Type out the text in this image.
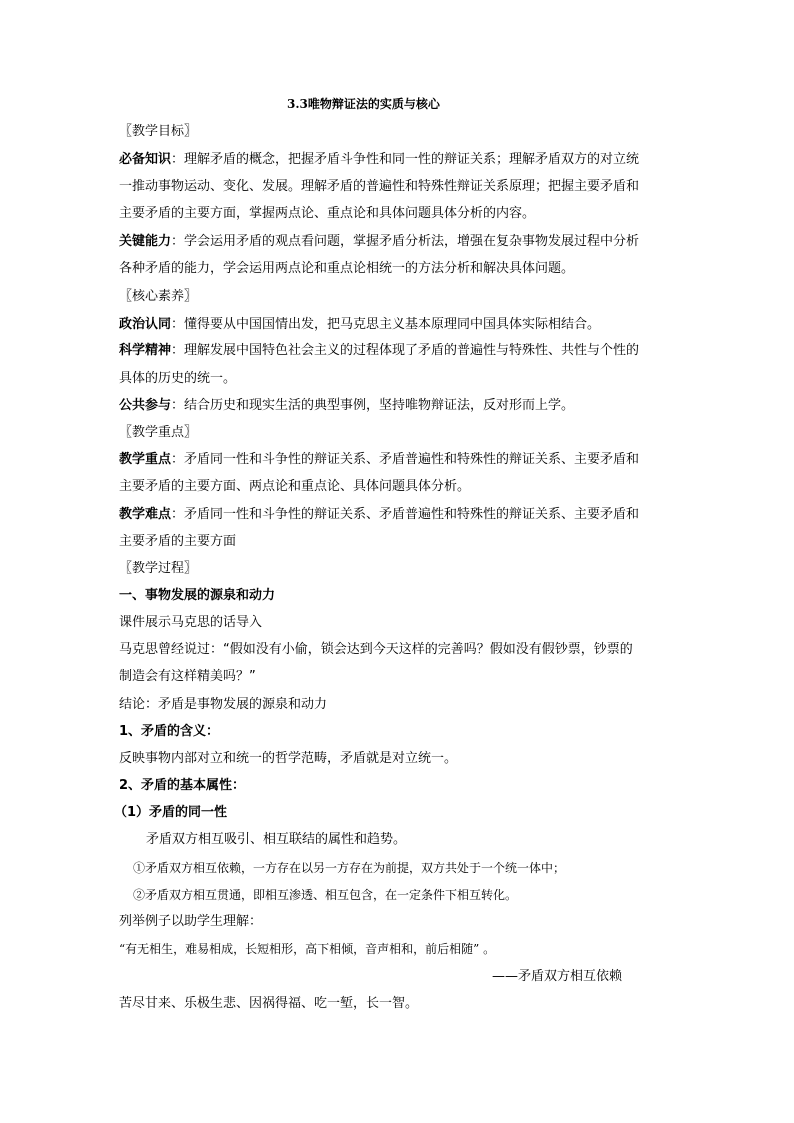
3.3唯物辩证法的实质与核心
〖教学目标〗
必备知识：理解矛盾的概念，把握矛盾斗争性和同一性的辩证关系；理解矛盾双方的对立统
一推动事物运动、变化、发展。理解矛盾的普遍性和特殊性辩证关系原理；把握主要矛盾和
主要矛盾的主要方面，掌握两点论、重点论和具体问题具体分析的内容。
关键能力：学会运用矛盾的观点看问题，掌握矛盾分析法，增强在复杂事物发展过程中分析
各种矛盾的能力，学会运用两点论和重点论相统一的方法分析和解决具体问题。
〖核心素养〗
政治认同：懂得要从中国国情出发，把马克思主义基本原理同中国具体实际相结合。
科学精神：理解发展中国特色社会主义的过程体现了矛盾的普遍性与特殊性、共性与个性的
具体的历史的统一。
公共参与：结合历史和现实生活的典型事例，坚持唯物辩证法，反对形而上学。
〖教学重点〗
教学重点：矛盾同一性和斗争性的辩证关系、矛盾普遍性和特殊性的辩证关系、主要矛盾和
主要矛盾的主要方面、两点论和重点论、具体问题具体分析。
教学难点：矛盾同一性和斗争性的辩证关系、矛盾普遍性和特殊性的辩证关系、主要矛盾和
主要矛盾的主要方面
〖教学过程〗
一、事物发展的源泉和动力
课件展示马克思的话导入
马克思曾经说过：“假如没有小偷，锁会达到今天这样的完善吗？假如没有假钞票，钞票的
制造会有这样精美吗？”
结论：矛盾是事物发展的源泉和动力
1、矛盾的含义：
反映事物内部对立和统一的哲学范畴，矛盾就是对立统一。
2、矛盾的基本属性：
（1）矛盾的同一性
矛盾双方相互吸引、相互联结的属性和趋势。
①矛盾双方相互依赖，一方存在以另一方存在为前提，双方共处于一个统一体中；
②矛盾双方相互贯通，即相互渗透、相互包含，在一定条件下相互转化。
列举例子以助学生理解：
“有无相生，难易相成，长短相形，高下相倾，音声相和，前后相随” 。
——矛盾双方相互依赖
苦尽甘来、乐极生悲、因祸得福、吃一堑，长一智。
